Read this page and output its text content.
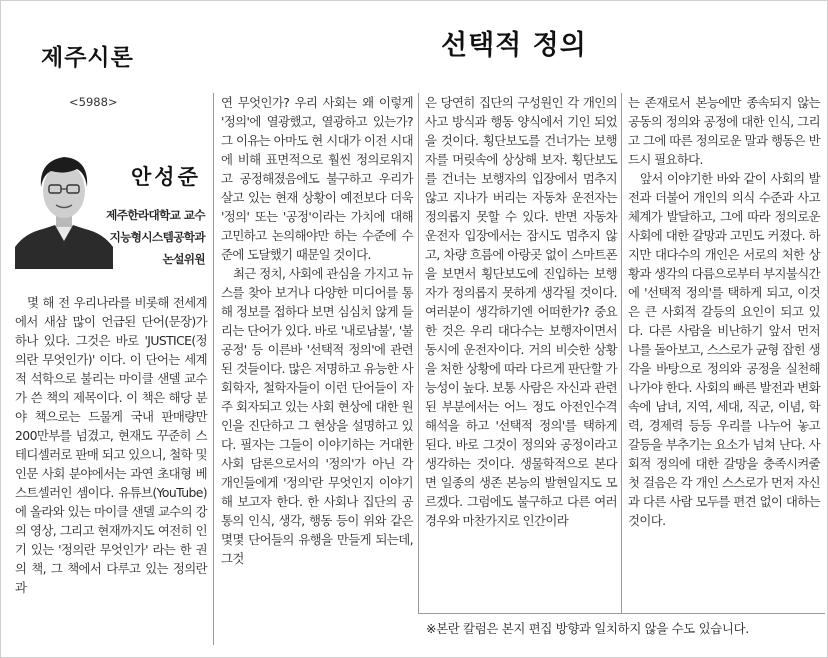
제주시론
<5988>
선택적 정의
안성준
제주한라대학교 교수
지능형시스템공학과
논설위원

몇 해 전 우리나라를 비롯해 전세계에서 새삼 많이 언급된 단어(문장)가 하나 있다. 그것은 바로 'JUSTICE(정의란 무엇인가)' 이다. 이 단어는 세계적 석학으로 불리는 마이클 샌델 교수가 쓴 책의 제목이다. 이 책은 해당 분야 책으로는 드물게 국내 판매량만 200만부를 넘겼고, 현재도 꾸준히 스테디셀러로 판매 되고 있으니, 철학 및 인문 사회 분야에서는 과연 초대형 베스트셀러인 셈이다. 유튜브(YouTube)에 올라와 있는 마이클 샌델 교수의 강의 영상, 그리고 현재까지도 여전히 인기 있는 '정의란 무엇인가' 라는 한 권의 책, 그 책에서 다루고 있는 정의란 과

연 무엇인가? 우리 사회는 왜 이렇게 '정의'에 열광했고, 열광하고 있는가? 그 이유는 아마도 현 시대가 이전 시대에 비해 표면적으로 훨씬 정의로워지고 공정해졌음에도 불구하고 우리가 살고 있는 현재 상황이 예전보다 더욱 '정의' 또는 '공정'이라는 가치에 대해 고민하고 논의해야만 하는 수준에 수준에 도달했기 때문일 것이다.

최근 정치, 사회에 관심을 가지고 뉴스를 찾아 보거나 다양한 미디어를 통해 정보를 접하다 보면 심심치 않게 들리는 단어가 있다. 바로 '내로남불', '불공정' 등 이른바 '선택적 정의'에 관련된 것들이다. 많은 저명하고 유능한 사회학자, 철학자들이 이런 단어들이 자주 회자되고 있는 사회 현상에 대한 원인을 진단하고 그 현상을 설명하고 있다. 필자는 그들이 이야기하는 거대한 사회 담론으로서의 '정의'가 아닌 각 개인들에게 '정의'란 무엇인지 이야기해 보고자 한다. 한 사회나 집단의 공통의 인식, 생각, 행동 등이 위와 같은 몇몇 단어들의 유행을 만들게 되는데, 그것

은 당연히 집단의 구성원인 각 개인의 사고 방식과 행동 양식에서 기인 되었을 것이다. 횡단보도를 건너가는 보행자를 머릿속에 상상해 보자. 횡단보도를 건너는 보행자의 입장에서 멈추지 않고 지나가 버리는 자동차 운전자는 정의롭지 못할 수 있다. 반면 자동차 운전자 입장에서는 잠시도 멈추지 않고, 차량 흐름에 아랑곳 없이 스마트폰을 보면서 횡단보도에 진입하는 보행자가 정의롭지 못하게 생각될 것이다. 여러분이 생각하기엔 어떠한가? 중요한 것은 우리 대다수는 보행자이면서 동시에 운전자이다. 거의 비슷한 상황을 처한 상황에 따라 다르게 판단할 가능성이 높다. 보통 사람은 자신과 관련된 부분에서는 어느 정도 아전인수격 해석을 하고 '선택적 정의'를 택하게 된다. 바로 그것이 정의와 공정이라고 생각하는 것이다. 생물학적으로 본다면 일종의 생존 본능의 발현일지도 모르겠다. 그럼에도 불구하고 다른 여러 경우와 마찬가지로 인간이라

는 존재로서 본능에만 종속되지 않는 공동의 정의와 공정에 대한 인식, 그리고 그에 따른 정의로운 말과 행동은 반드시 필요하다.

앞서 이야기한 바와 같이 사회의 발전과 더불어 개인의 의식 수준과 사고 체계가 발달하고, 그에 따라 정의로운 사회에 대한 갈망과 고민도 커졌다. 하지만 대다수의 개인은 서로의 처한 상황과 생각의 다름으로부터 부지불식간에 '선택적 정의'를 택하게 되고, 이것은 큰 사회적 갈등의 요인이 되고 있다. 다른 사람을 비난하기 앞서 먼저 나를 돌아보고, 스스로가 균형 잡힌 생각을 바탕으로 정의와 공정을 실천해 나가야 한다. 사회의 빠른 발전과 변화 속에 남녀, 지역, 세대, 직군, 이념, 학력, 경제력 등등 우리를 나누어 놓고 갈등을 부추기는 요소가 넘쳐 난다. 사회적 정의에 대한 갈망을 충족시켜줄 첫 걸음은 각 개인 스스로가 먼저 자신과 다른 사람 모두를 편견 없이 대하는 것이다.

※본란 칼럼은 본지 편집 방향과 일치하지 않을 수도 있습니다.
